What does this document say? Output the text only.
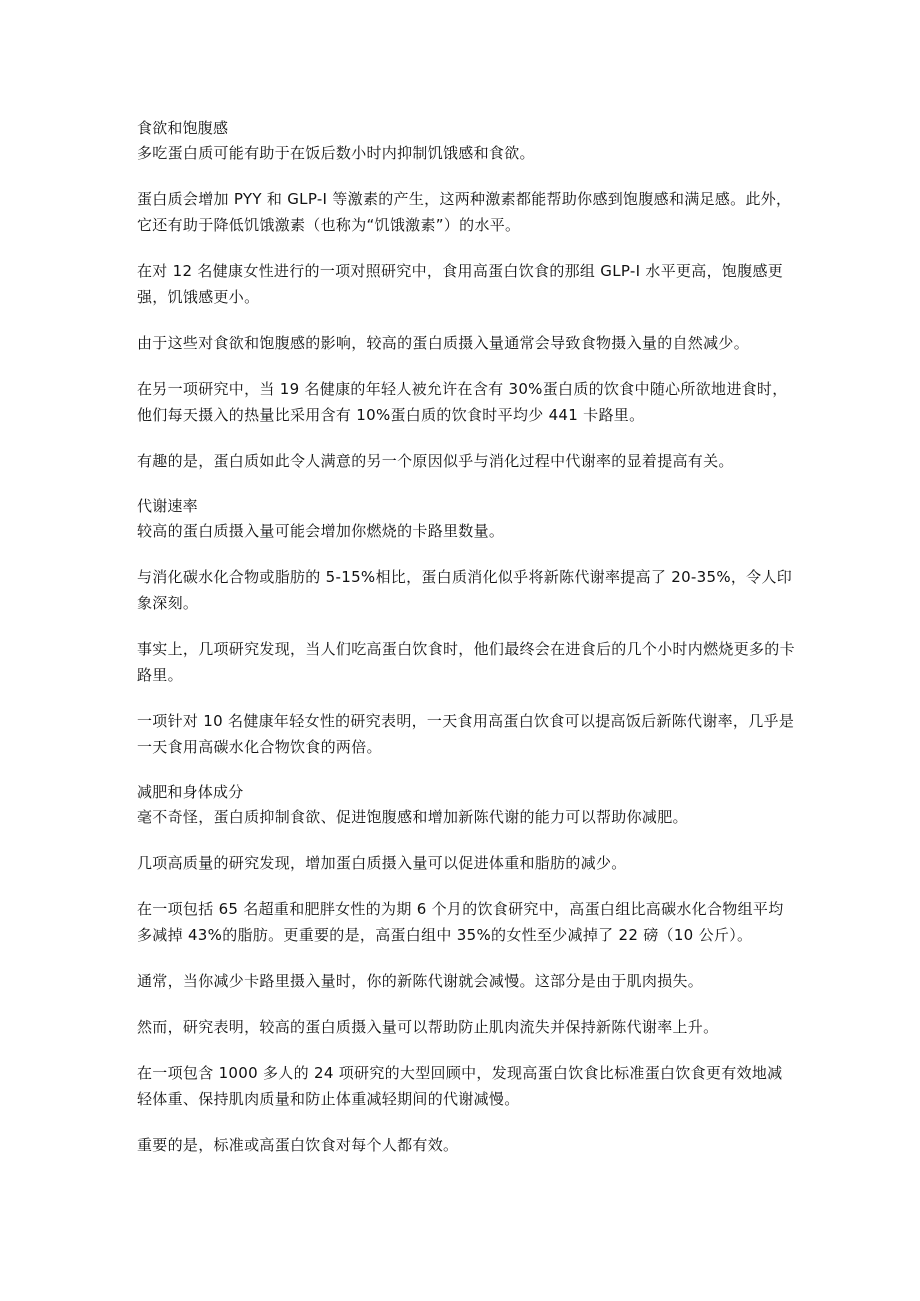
食欲和饱腹感

多吃蛋白质可能有助于在饭后数小时内抑制饥饿感和食欲。

蛋白质会增加 PYY 和 GLP-I 等激素的产生，这两种激素都能帮助你感到饱腹感和满足感。此外，它还有助于降低饥饿激素（也称为“饥饿激素”）的水平。

在对 12 名健康女性进行的一项对照研究中，食用高蛋白饮食的那组 GLP-I 水平更高，饱腹感更强，饥饿感更小。

由于这些对食欲和饱腹感的影响，较高的蛋白质摄入量通常会导致食物摄入量的自然减少。

在另一项研究中，当 19 名健康的年轻人被允许在含有 30%蛋白质的饮食中随心所欲地进食时，他们每天摄入的热量比采用含有 10%蛋白质的饮食时平均少 441 卡路里。

有趣的是，蛋白质如此令人满意的另一个原因似乎与消化过程中代谢率的显着提高有关。

代谢速率

较高的蛋白质摄入量可能会增加你燃烧的卡路里数量。

与消化碳水化合物或脂肪的 5-15%相比，蛋白质消化似乎将新陈代谢率提高了 20-35%，令人印象深刻。

事实上，几项研究发现，当人们吃高蛋白饮食时，他们最终会在进食后的几个小时内燃烧更多的卡路里。

一项针对 10 名健康年轻女性的研究表明，一天食用高蛋白饮食可以提高饭后新陈代谢率，几乎是一天食用高碳水化合物饮食的两倍。

减肥和身体成分

毫不奇怪，蛋白质抑制食欲、促进饱腹感和增加新陈代谢的能力可以帮助你减肥。

几项高质量的研究发现，增加蛋白质摄入量可以促进体重和脂肪的减少。

在一项包括 65 名超重和肥胖女性的为期 6 个月的饮食研究中，高蛋白组比高碳水化合物组平均多减掉 43%的脂肪。更重要的是，高蛋白组中 35%的女性至少减掉了 22 磅（10 公斤）。

通常，当你减少卡路里摄入量时，你的新陈代谢就会减慢。这部分是由于肌肉损失。

然而，研究表明，较高的蛋白质摄入量可以帮助防止肌肉流失并保持新陈代谢率上升。

在一项包含 1000 多人的 24 项研究的大型回顾中，发现高蛋白饮食比标准蛋白饮食更有效地减轻体重、保持肌肉质量和防止体重减轻期间的代谢减慢。

重要的是，标准或高蛋白饮食对每个人都有效。
